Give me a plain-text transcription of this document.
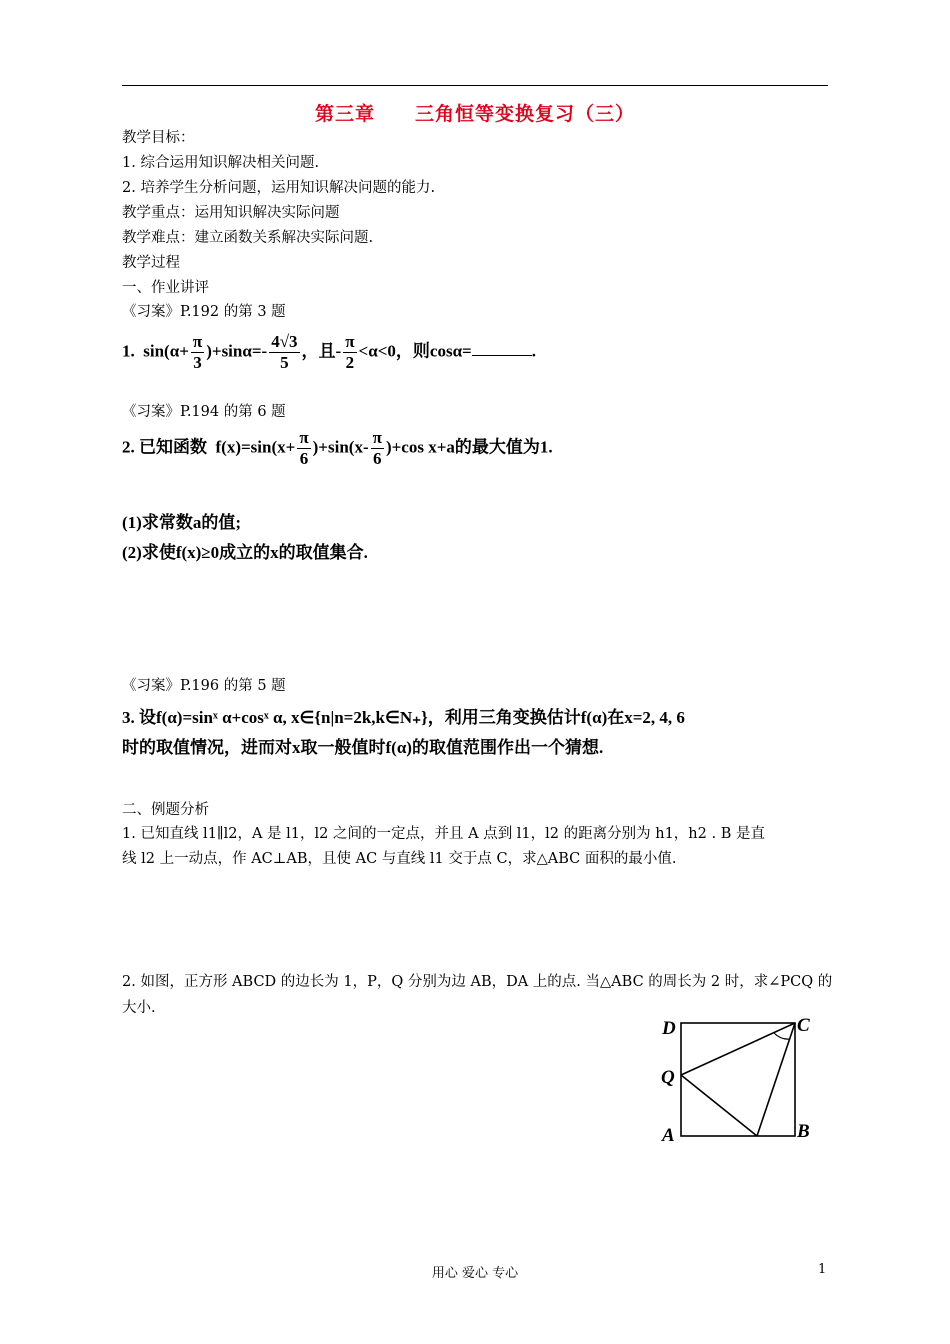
第三章　　三角恒等变换复习（三）
教学目标：
1. 综合运用知识解决相关问题.
2. 培养学生分析问题，运用知识解决问题的能力.
教学重点：运用知识解决实际问题
教学难点：建立函数关系解决实际问题.
教学过程
一、作业讲评
《习案》P.192 的第 3 题
1. $\sin(\alpha+ \frac{\pi}{3} )+\sin\alpha=- \frac{4√3}{5}$ ，且- $\frac{\pi}{2} <\alpha<0$，则cosα=	.
《习案》P.194 的第 6 题
2. 已知函数 $f(x)=\sin(x+ \frac{\pi}{6} )+\sin(x- \frac{\pi}{6} )+\cos$ x+a的最大值为1.
(1)求常数a的值;
(2)求使f(x)≥0成立的x的取值集合.
《习案》P.196 的第 5 题
3. 设f(α)=sinˣ α+cosˣ α, x∈{n|n=2k,k∈N₊}，利用三角变换估计f(α)在x=2, 4, 6
时的取值情况，进而对x取一般值时f(α)的取值范围作出一个猜想.
二、例题分析
1. 已知直线 l1∥l2，A 是 l1，l2 之间的一定点，并且 A 点到 l1，l2 的距离分别为 h1，h2 . B 是直
线 l2 上一动点，作 AC⊥AB，且使 AC 与直线 l1 交于点 C，求△ABC 面积的最小值.
2. 如图，正方形 ABCD 的边长为 1，P，Q 分别为边 AB，DA 上的点. 当△ABC 的周长为 2 时，求∠PCQ 的
大小.
D	C
Q
A	B
用心 爱心 专心	1
